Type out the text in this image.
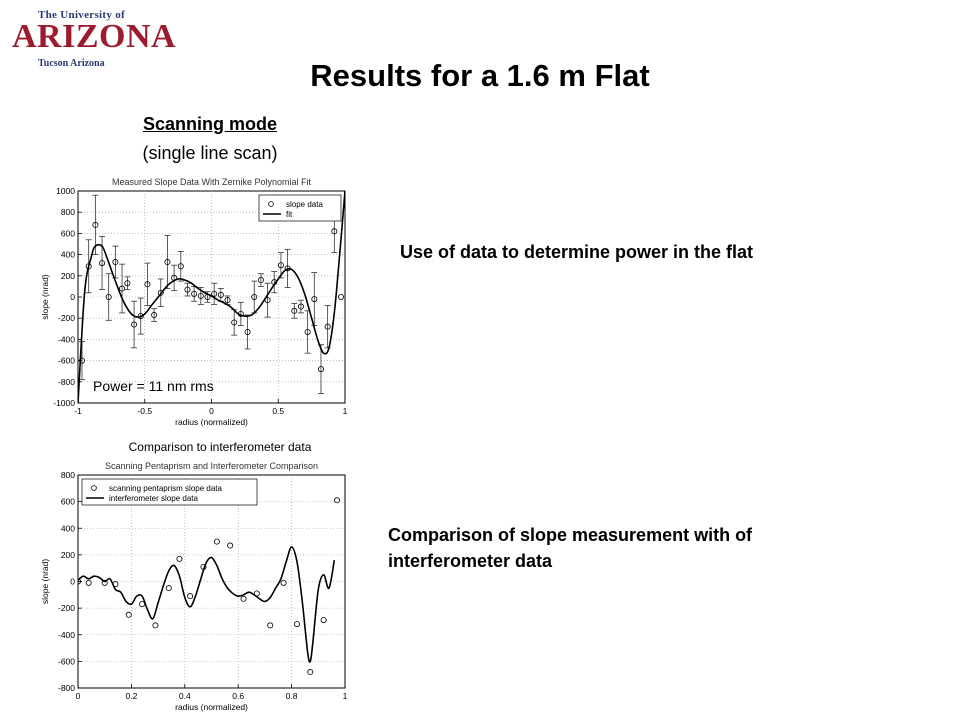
The University of
ARIZONA
Tucson Arizona	Results for a 1.6 m Flat
Scanning mode
(single line scan)
Use of data to determine power in the flat
Comparison of slope measurement with of interferometer data
Comparison to interferometer data
Measured Slope Data With Zernike Polynomial Fit
-1000
-800
-600
-400
-200
0
200
400
600
800
1000
-1	-0.5	0	0.5	1
radius (normalized)
slope (nrad)
slope data
fit
Power = 11 nm rms
Scanning Pentaprism and Interferometer Comparison
-800
-600
-400
-200
0
200
400
600
800
0	0.2	0.4	0.6	0.8	1
radius (normalized)
slope (nrad)
scanning pentaprism slope data
interferometer slope data
